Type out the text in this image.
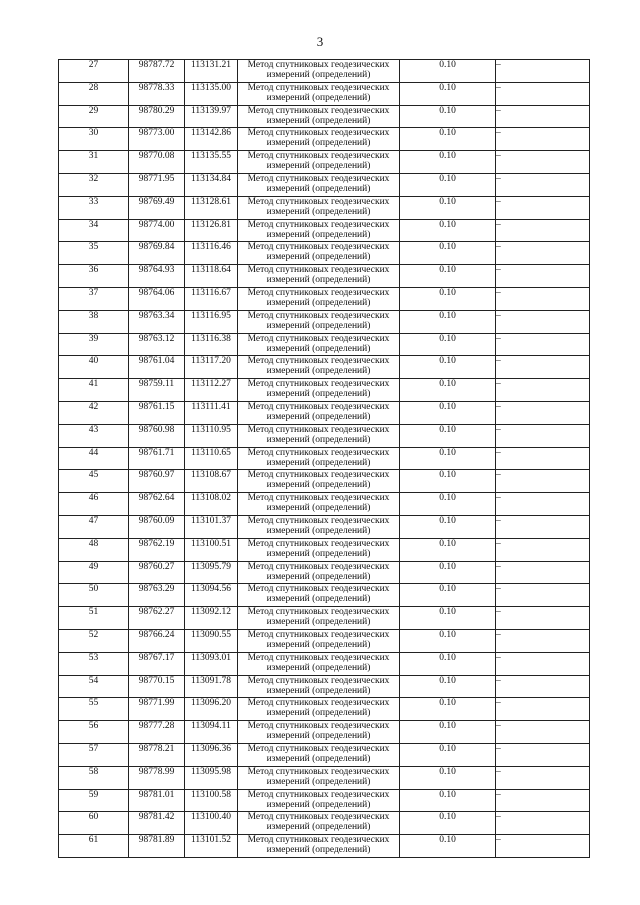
3
27	98787.72	113131.21	Метод спутниковых геодезических
измерений (определений)	0.10	–
28	98778.33	113135.00	Метод спутниковых геодезических
измерений (определений)	0.10	–
29	98780.29	113139.97	Метод спутниковых геодезических
измерений (определений)	0.10	–
30	98773.00	113142.86	Метод спутниковых геодезических
измерений (определений)	0.10	–
31	98770.08	113135.55	Метод спутниковых геодезических
измерений (определений)	0.10	–
32	98771.95	113134.84	Метод спутниковых геодезических
измерений (определений)	0.10	–
33	98769.49	113128.61	Метод спутниковых геодезических
измерений (определений)	0.10	–
34	98774.00	113126.81	Метод спутниковых геодезических
измерений (определений)	0.10	–
35	98769.84	113116.46	Метод спутниковых геодезических
измерений (определений)	0.10	–
36	98764.93	113118.64	Метод спутниковых геодезических
измерений (определений)	0.10	–
37	98764.06	113116.67	Метод спутниковых геодезических
измерений (определений)	0.10	–
38	98763.34	113116.95	Метод спутниковых геодезических
измерений (определений)	0.10	–
39	98763.12	113116.38	Метод спутниковых геодезических
измерений (определений)	0.10	–
40	98761.04	113117.20	Метод спутниковых геодезических
измерений (определений)	0.10	–
41	98759.11	113112.27	Метод спутниковых геодезических
измерений (определений)	0.10	–
42	98761.15	113111.41	Метод спутниковых геодезических
измерений (определений)	0.10	–
43	98760.98	113110.95	Метод спутниковых геодезических
измерений (определений)	0.10	–
44	98761.71	113110.65	Метод спутниковых геодезических
измерений (определений)	0.10	–
45	98760.97	113108.67	Метод спутниковых геодезических
измерений (определений)	0.10	–
46	98762.64	113108.02	Метод спутниковых геодезических
измерений (определений)	0.10	–
47	98760.09	113101.37	Метод спутниковых геодезических
измерений (определений)	0.10	–
48	98762.19	113100.51	Метод спутниковых геодезических
измерений (определений)	0.10	–
49	98760.27	113095.79	Метод спутниковых геодезических
измерений (определений)	0.10	–
50	98763.29	113094.56	Метод спутниковых геодезических
измерений (определений)	0.10	–
51	98762.27	113092.12	Метод спутниковых геодезических
измерений (определений)	0.10	–
52	98766.24	113090.55	Метод спутниковых геодезических
измерений (определений)	0.10	–
53	98767.17	113093.01	Метод спутниковых геодезических
измерений (определений)	0.10	–
54	98770.15	113091.78	Метод спутниковых геодезических
измерений (определений)	0.10	–
55	98771.99	113096.20	Метод спутниковых геодезических
измерений (определений)	0.10	–
56	98777.28	113094.11	Метод спутниковых геодезических
измерений (определений)	0.10	–
57	98778.21	113096.36	Метод спутниковых геодезических
измерений (определений)	0.10	–
58	98778.99	113095.98	Метод спутниковых геодезических
измерений (определений)	0.10	–
59	98781.01	113100.58	Метод спутниковых геодезических
измерений (определений)	0.10	–
60	98781.42	113100.40	Метод спутниковых геодезических
измерений (определений)	0.10	–
61	98781.89	113101.52	Метод спутниковых геодезических
измерений (определений)	0.10	–
